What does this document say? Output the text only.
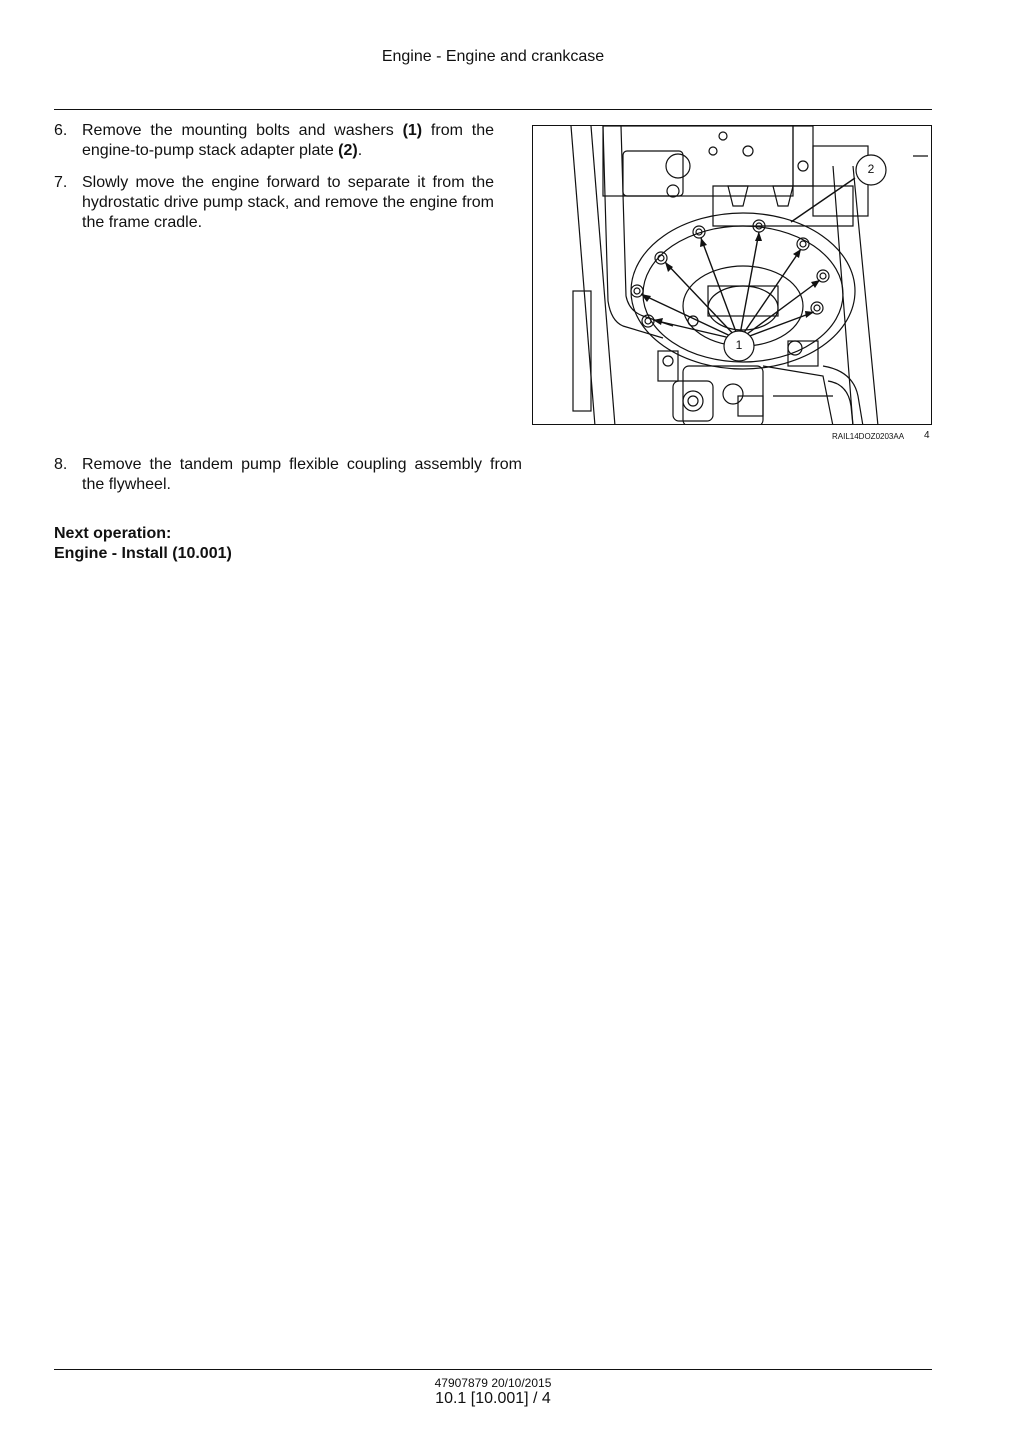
Engine - Engine and crankcase
6. Remove the mounting bolts and washers (1) from the engine-to-pump stack adapter plate (2).
7. Slowly move the engine forward to separate it from the hydrostatic drive pump stack, and remove the engine from the frame cradle.
1
2
RAIL14DOZ0203AA 4
8. Remove the tandem pump flexible coupling assembly from the flywheel.
Next operation:
Engine - Install (10.001)
47907879 20/10/2015
10.1 [10.001] / 4
